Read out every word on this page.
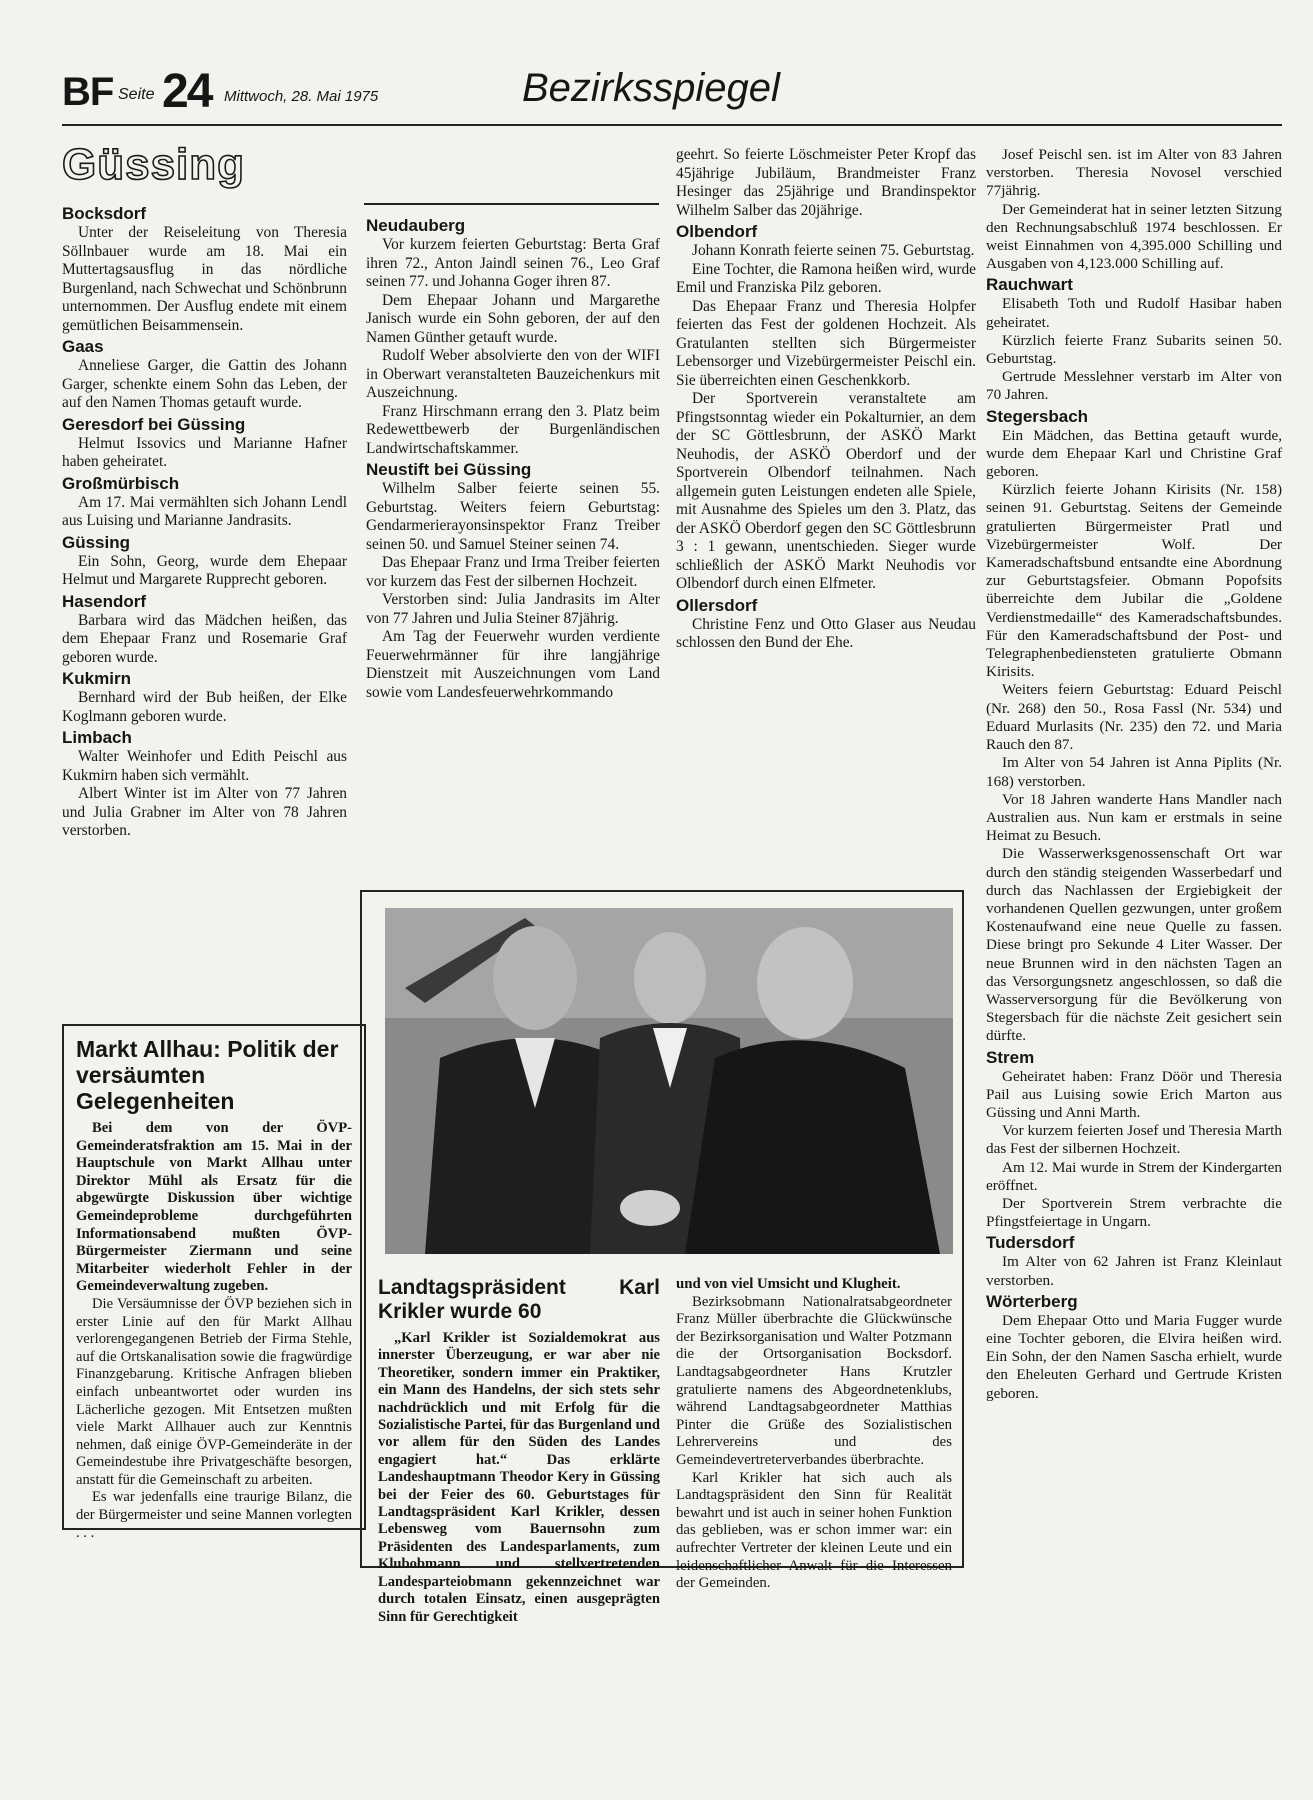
BF Seite 24 Mittwoch, 28. Mai 1975	Bezirksspiegel
Güssing
Bocksdorf

Unter der Reiseleitung von Theresia Söllnbauer wurde am 18. Mai ein Muttertagsausflug in das nördliche Burgenland, nach Schwechat und Schönbrunn unternommen. Der Ausflug endete mit einem gemütlichen Beisammensein.

Gaas

Anneliese Garger, die Gattin des Johann Garger, schenkte einem Sohn das Leben, der auf den Namen Thomas getauft wurde.

Geresdorf bei Güssing

Helmut Issovics und Marianne Hafner haben geheiratet.

Großmürbisch

Am 17. Mai vermählten sich Johann Lendl aus Luising und Marianne Jandrasits.

Güssing

Ein Sohn, Georg, wurde dem Ehepaar Helmut und Margarete Rupprecht geboren.

Hasendorf

Barbara wird das Mädchen heißen, das dem Ehepaar Franz und Rosemarie Graf geboren wurde.

Kukmirn

Bernhard wird der Bub heißen, der Elke Koglmann geboren wurde.

Limbach

Walter Weinhofer und Edith Peischl aus Kukmirn haben sich vermählt.

Albert Winter ist im Alter von 77 Jahren und Julia Grabner im Alter von 78 Jahren verstorben.

Markt Allhau: Politik der versäumten Gelegenheiten

Bei dem von der ÖVP-Gemeinderatsfraktion am 15. Mai in der Hauptschule von Markt Allhau unter Direktor Mühl als Ersatz für die abgewürgte Diskussion über wichtige Gemeindeprobleme durchgeführten Informationsabend mußten ÖVP-Bürgermeister Ziermann und seine Mitarbeiter wiederholt Fehler in der Gemeindeverwaltung zugeben.

Die Versäumnisse der ÖVP beziehen sich in erster Linie auf den für Markt Allhau verlorengegangenen Betrieb der Firma Stehle, auf die Ortskanalisation sowie die fragwürdige Finanzgebarung. Kritische Anfragen blieben einfach unbeantwortet oder wurden ins Lächerliche gezogen. Mit Entsetzen mußten viele Markt Allhauer auch zur Kenntnis nehmen, daß einige ÖVP-Gemeinderäte in der Gemeindestube ihre Privatgeschäfte besorgen, anstatt für die Gemeinschaft zu arbeiten.

Es war jedenfalls eine traurige Bilanz, die der Bürgermeister und seine Mannen vorlegten . . .

Neudauberg

Vor kurzem feierten Geburtstag: Berta Graf ihren 72., Anton Jaindl seinen 76., Leo Graf seinen 77. und Johanna Goger ihren 87.

Dem Ehepaar Johann und Margarethe Janisch wurde ein Sohn geboren, der auf den Namen Günther getauft wurde.

Rudolf Weber absolvierte den von der WIFI in Oberwart veranstalteten Bauzeichenkurs mit Auszeichnung.

Franz Hirschmann errang den 3. Platz beim Redewettbewerb der Burgenländischen Landwirtschaftskammer.

Neustift bei Güssing

Wilhelm Salber feierte seinen 55. Geburtstag. Weiters feiern Geburtstag: Gendarmerierayonsinspektor Franz Treiber seinen 50. und Samuel Steiner seinen 74.

Das Ehepaar Franz und Irma Treiber feierten vor kurzem das Fest der silbernen Hochzeit.

Verstorben sind: Julia Jandrasits im Alter von 77 Jahren und Julia Steiner 87jährig.

Am Tag der Feuerwehr wurden verdiente Feuerwehrmänner für ihre langjährige Dienstzeit mit Auszeichnungen vom Land sowie vom Landesfeuerwehrkommando

geehrt. So feierte Löschmeister Peter Kropf das 45jährige Jubiläum, Brandmeister Franz Hesinger das 25jährige und Brandinspektor Wilhelm Salber das 20jährige.

Olbendorf

Johann Konrath feierte seinen 75. Geburtstag.

Eine Tochter, die Ramona heißen wird, wurde Emil und Franziska Pilz geboren.

Das Ehepaar Franz und Theresia Holpfer feierten das Fest der goldenen Hochzeit. Als Gratulanten stellten sich Bürgermeister Lebensorger und Vizebürgermeister Peischl ein. Sie überreichten einen Geschenkkorb.

Der Sportverein veranstaltete am Pfingstsonntag wieder ein Pokalturnier, an dem der SC Göttlesbrunn, der ASKÖ Markt Neuhodis, der ASKÖ Oberdorf und der Sportverein Olbendorf teilnahmen. Nach allgemein guten Leistungen endeten alle Spiele, mit Ausnahme des Spieles um den 3. Platz, das der ASKÖ Oberdorf gegen den SC Göttlesbrunn 3 : 1 gewann, unentschieden. Sieger wurde schließlich der ASKÖ Markt Neuhodis vor Olbendorf durch einen Elfmeter.

Ollersdorf

Christine Fenz und Otto Glaser aus Neudau schlossen den Bund der Ehe.

Landtagspräsident Karl Krikler wurde 60

„Karl Krikler ist Sozialdemokrat aus innerster Überzeugung, er war aber nie Theoretiker, sondern immer ein Praktiker, ein Mann des Handelns, der sich stets sehr nachdrücklich und mit Erfolg für die Sozialistische Partei, für das Burgenland und vor allem für den Süden des Landes engagiert hat.“ Das erklärte Landeshauptmann Theodor Kery in Güssing bei der Feier des 60. Geburtstages für Landtagspräsident Karl Krikler, dessen Lebensweg vom Bauernsohn zum Präsidenten des Landesparlaments, zum Klubobmann und stellvertretenden Landesparteiobmann gekennzeichnet war durch totalen Einsatz, einen ausgeprägten Sinn für Gerechtigkeit

und von viel Umsicht und Klugheit.

Bezirksobmann Nationalratsabgeordneter Franz Müller überbrachte die Glückwünsche der Bezirksorganisation und Walter Potzmann die der Ortsorganisation Bocksdorf. Landtagsabgeordneter Hans Krutzler gratulierte namens des Abgeordnetenklubs, während Landtagsabgeordneter Matthias Pinter die Grüße des Sozialistischen Lehrervereins und des Gemeindevertreterverbandes überbrachte.

Karl Krikler hat sich auch als Landtagspräsident den Sinn für Realität bewahrt und ist auch in seiner hohen Funktion das geblieben, was er schon immer war: ein aufrechter Vertreter der kleinen Leute und ein leidenschaftlicher Anwalt für die Interessen der Gemeinden.

Josef Peischl sen. ist im Alter von 83 Jahren verstorben. Theresia Novosel verschied 77jährig.

Der Gemeinderat hat in seiner letzten Sitzung den Rechnungsabschluß 1974 beschlossen. Er weist Einnahmen von 4,395.000 Schilling und Ausgaben von 4,123.000 Schilling auf.

Rauchwart

Elisabeth Toth und Rudolf Hasibar haben geheiratet.

Kürzlich feierte Franz Subarits seinen 50. Geburtstag.

Gertrude Messlehner verstarb im Alter von 70 Jahren.

Stegersbach

Ein Mädchen, das Bettina getauft wurde, wurde dem Ehepaar Karl und Christine Graf geboren.

Kürzlich feierte Johann Kirisits (Nr. 158) seinen 91. Geburtstag. Seitens der Gemeinde gratulierten Bürgermeister Pratl und Vizebürgermeister Wolf. Der Kameradschaftsbund entsandte eine Abordnung zur Geburtstagsfeier. Obmann Popofsits überreichte dem Jubilar die „Goldene Verdienstmedaille“ des Kameradschaftsbundes. Für den Kameradschaftsbund der Post- und Telegraphenbediensteten gratulierte Obmann Kirisits.

Weiters feiern Geburtstag: Eduard Peischl (Nr. 268) den 50., Rosa Fassl (Nr. 534) und Eduard Murlasits (Nr. 235) den 72. und Maria Rauch den 87.

Im Alter von 54 Jahren ist Anna Piplits (Nr. 168) verstorben.

Vor 18 Jahren wanderte Hans Mandler nach Australien aus. Nun kam er erstmals in seine Heimat zu Besuch.

Die Wasserwerksgenossenschaft Ort war durch den ständig steigenden Wasserbedarf und durch das Nachlassen der Ergiebigkeit der vorhandenen Quellen gezwungen, unter großem Kostenaufwand eine neue Quelle zu fassen. Diese bringt pro Sekunde 4 Liter Wasser. Der neue Brunnen wird in den nächsten Tagen an das Versorgungsnetz angeschlossen, so daß die Wasserversorgung für die Bevölkerung von Stegersbach für die nächste Zeit gesichert sein dürfte.

Strem

Geheiratet haben: Franz Döör und Theresia Pail aus Luising sowie Erich Marton aus Güssing und Anni Marth.

Vor kurzem feierten Josef und Theresia Marth das Fest der silbernen Hochzeit.

Am 12. Mai wurde in Strem der Kindergarten eröffnet.

Der Sportverein Strem verbrachte die Pfingstfeiertage in Ungarn.

Tudersdorf

Im Alter von 62 Jahren ist Franz Kleinlaut verstorben.

Wörterberg

Dem Ehepaar Otto und Maria Fugger wurde eine Tochter geboren, die Elvira heißen wird. Ein Sohn, der den Namen Sascha erhielt, wurde den Eheleuten Gerhard und Gertrude Kristen geboren.
